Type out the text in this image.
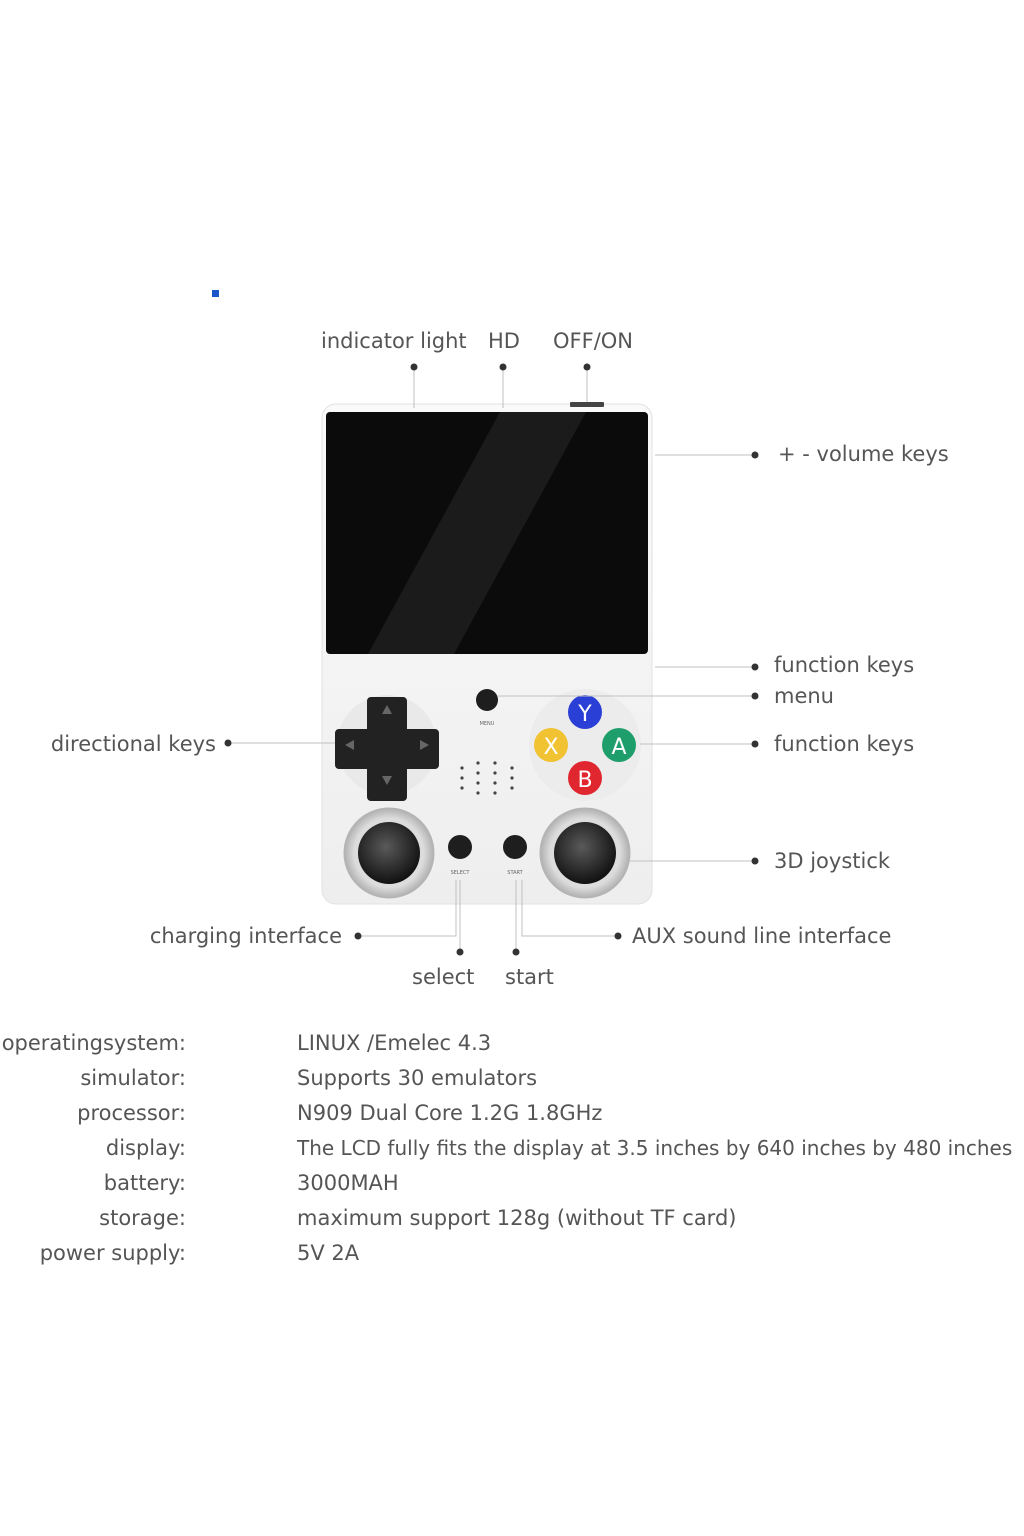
MENU	Y
X A
B
SELECT	START
indicator light HD OFF/ON
+ - volume keys
function keys
menu
function keys
directional keys
3D joystick
charging interface	AUX sound line interface
select start
operatingsystem:	LINUX /Emelec 4.3
simulator:	Supports 30 emulators
processor:	N909 Dual Core 1.2G 1.8GHz
display:	The LCD fully fits the display at 3.5 inches by 640 inches by 480 inches
battery:	3000MAH
storage:	maximum support 128g (without TF card)
power supply:	5V 2A
